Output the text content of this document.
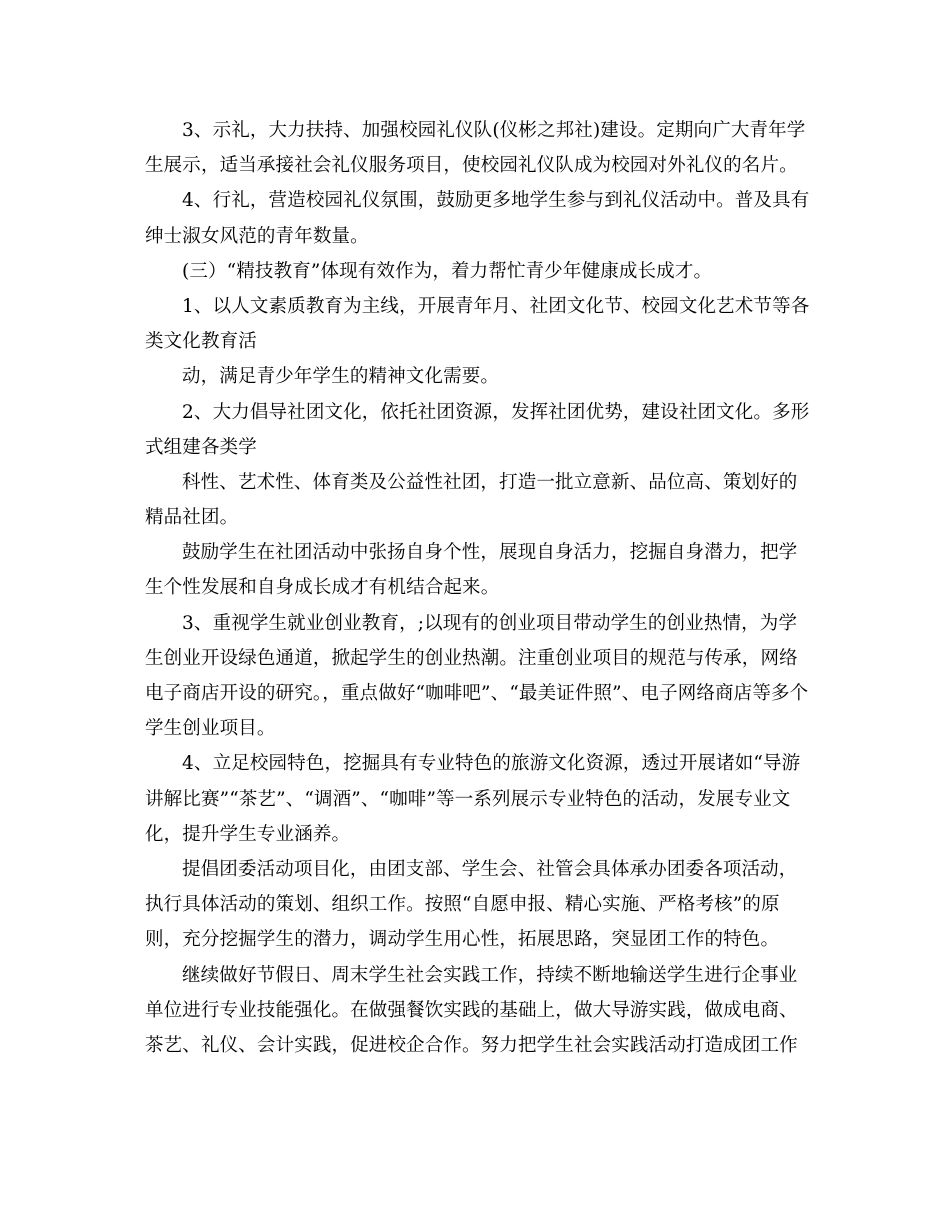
3、示礼，大力扶持、加强校园礼仪队(仪彬之邦社)建设。定期向广大青年学
生展示，适当承接社会礼仪服务项目，使校园礼仪队成为校园对外礼仪的名片。
4、行礼，营造校园礼仪氛围，鼓励更多地学生参与到礼仪活动中。普及具有
绅士淑女风范的青年数量。
(三）“精技教育”体现有效作为，着力帮忙青少年健康成长成才。
1、以人文素质教育为主线，开展青年月、社团文化节、校园文化艺术节等各
类文化教育活
动，满足青少年学生的精神文化需要。
2、大力倡导社团文化，依托社团资源，发挥社团优势，建设社团文化。多形
式组建各类学
科性、艺术性、体育类及公益性社团，打造一批立意新、品位高、策划好的
精品社团。
鼓励学生在社团活动中张扬自身个性，展现自身活力，挖掘自身潜力，把学
生个性发展和自身成长成才有机结合起来。
3、重视学生就业创业教育，;以现有的创业项目带动学生的创业热情，为学
生创业开设绿色通道，掀起学生的创业热潮。注重创业项目的规范与传承，网络
电子商店开设的研究。，重点做好“咖啡吧”、“最美证件照”、电子网络商店等多个
学生创业项目。
4、立足校园特色，挖掘具有专业特色的旅游文化资源，透过开展诸如“导游
讲解比赛”“茶艺”、“调酒”、“咖啡”等一系列展示专业特色的活动，发展专业文
化，提升学生专业涵养。
提倡团委活动项目化，由团支部、学生会、社管会具体承办团委各项活动，
执行具体活动的策划、组织工作。按照“自愿申报、精心实施、严格考核”的原
则，充分挖掘学生的潜力，调动学生用心性，拓展思路，突显团工作的特色。
继续做好节假日、周末学生社会实践工作，持续不断地输送学生进行企事业
单位进行专业技能强化。在做强餐饮实践的基础上，做大导游实践，做成电商、
茶艺、礼仪、会计实践，促进校企合作。努力把学生社会实践活动打造成团工作
